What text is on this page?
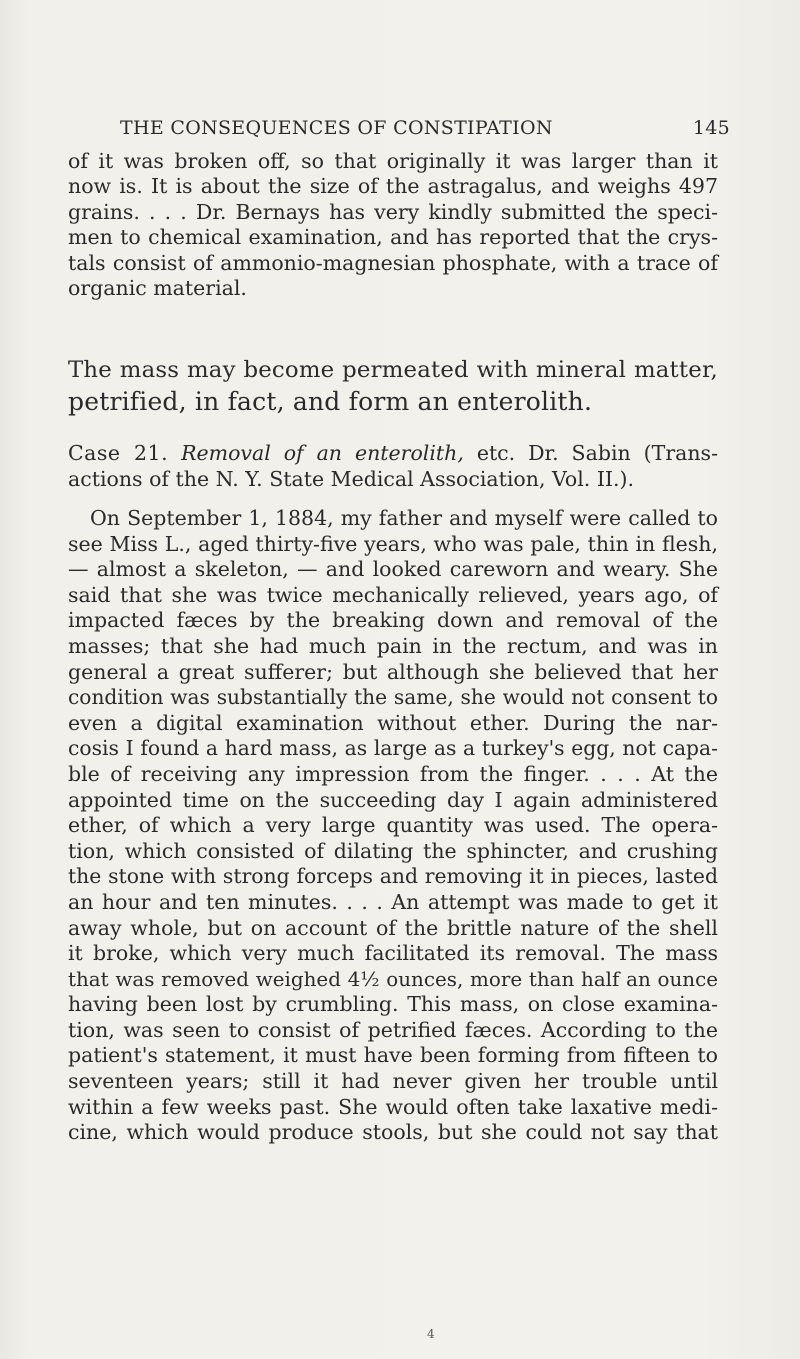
THE CONSEQUENCES OF CONSTIPATION	145
of it was broken off, so that originally it was larger than it
now is. It is about the size of the astragalus, and weighs 497
grains. . . . Dr. Bernays has very kindly submitted the speci-
men to chemical examination, and has reported that the crys-
tals consist of ammonio-magnesian phosphate, with a trace of
organic material.
The mass may become permeated with mineral matter,
petrified, in fact, and form an enterolith.
Case 21. Removal of an enterolith, etc. Dr. Sabin (Trans-
actions of the N. Y. State Medical Association, Vol. II.).
On September 1, 1884, my father and myself were called to
see Miss L., aged thirty-five years, who was pale, thin in flesh,
— almost a skeleton, — and looked careworn and weary. She
said that she was twice mechanically relieved, years ago, of
impacted fæces by the breaking down and removal of the
masses; that she had much pain in the rectum, and was in
general a great sufferer; but although she believed that her
condition was substantially the same, she would not consent to
even a digital examination without ether. During the nar-
cosis I found a hard mass, as large as a turkey's egg, not capa-
ble of receiving any impression from the finger. . . . At the
appointed time on the succeeding day I again administered
ether, of which a very large quantity was used. The opera-
tion, which consisted of dilating the sphincter, and crushing
the stone with strong forceps and removing it in pieces, lasted
an hour and ten minutes. . . . An attempt was made to get it
away whole, but on account of the brittle nature of the shell
it broke, which very much facilitated its removal. The mass
that was removed weighed 4½ ounces, more than half an ounce
having been lost by crumbling. This mass, on close examina-
tion, was seen to consist of petrified fæces. According to the
patient's statement, it must have been forming from fifteen to
seventeen years; still it had never given her trouble until
within a few weeks past. She would often take laxative medi-
cine, which would produce stools, but she could not say that
4
